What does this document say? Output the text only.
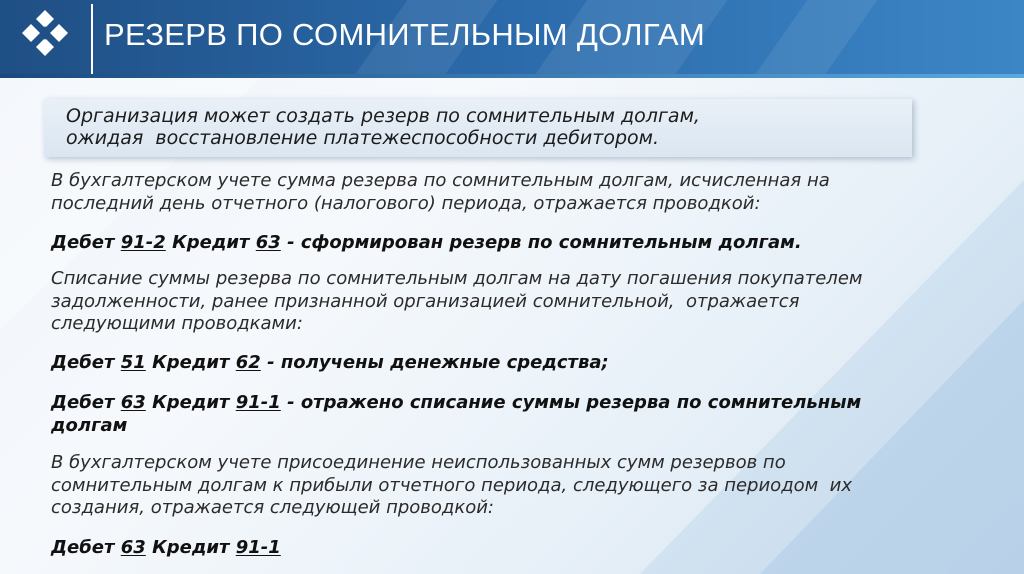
РЕЗЕРВ ПО СОМНИТЕЛЬНЫМ ДОЛГАМ
Организация может создать резерв по сомнительным долгам,
ожидая  восстановление платежеспособности дебитором.
В бухгалтерском учете сумма резерва по сомнительным долгам, исчисленная на
последний день отчетного (налогового) периода, отражается проводкой:
Дебет 91-2 Кредит 63 - сформирован резерв по сомнительным долгам.
Списание суммы резерва по сомнительным долгам на дату погашения покупателем
задолженности, ранее признанной организацией сомнительной,  отражается
следующими проводками:
Дебет 51 Кредит 62 - получены денежные средства;
Дебет 63 Кредит 91-1 - отражено списание суммы резерва по сомнительным
долгам
В бухгалтерском учете присоединение неиспользованных сумм резервов по
сомнительным долгам к прибыли отчетного периода, следующего за периодом  их
создания, отражается следующей проводкой:
Дебет 63 Кредит 91-1
